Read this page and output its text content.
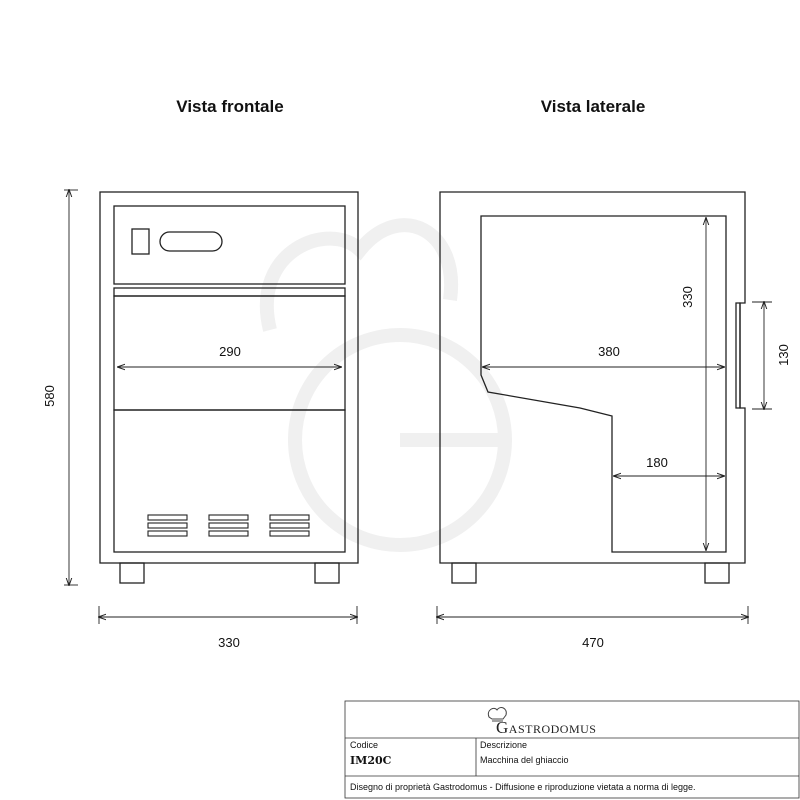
Vista frontale
290
580
330
Vista laterale
380
330
180
130
470
Gastrodomus
Codice
IM20C
Descrizione
Macchina del ghiaccio
Disegno di proprietà Gastrodomus - Diffusione e riproduzione vietata a norma di legge.
